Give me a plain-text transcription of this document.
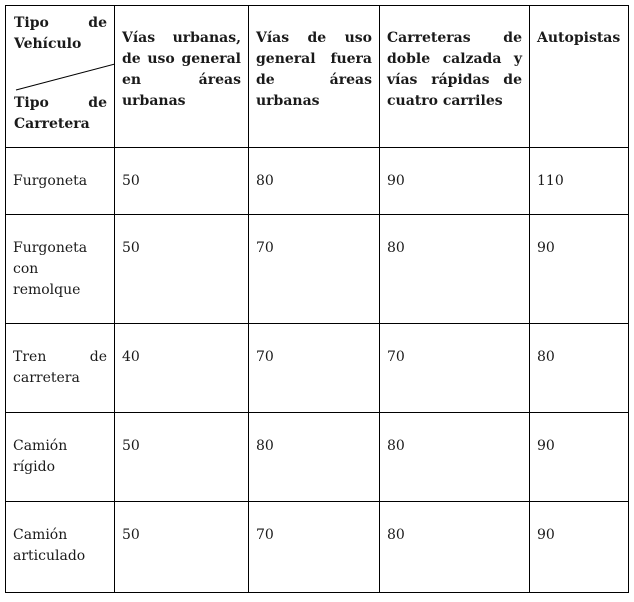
Tipo de Vehículo
Tipo de Carretera	Vías urbanas, de uso general en áreas urbanas	Vías de uso general fuera de áreas urbanas	Carreteras de doble calzada y vías rápidas de cuatro carriles	Autopistas
Furgoneta	50	80	90	110
Furgoneta con remolque	50	70	80	90
Tren de carretera	40	70	70	80
Camión rígido	50	80	80	90
Camión articulado	50	70	80	90
